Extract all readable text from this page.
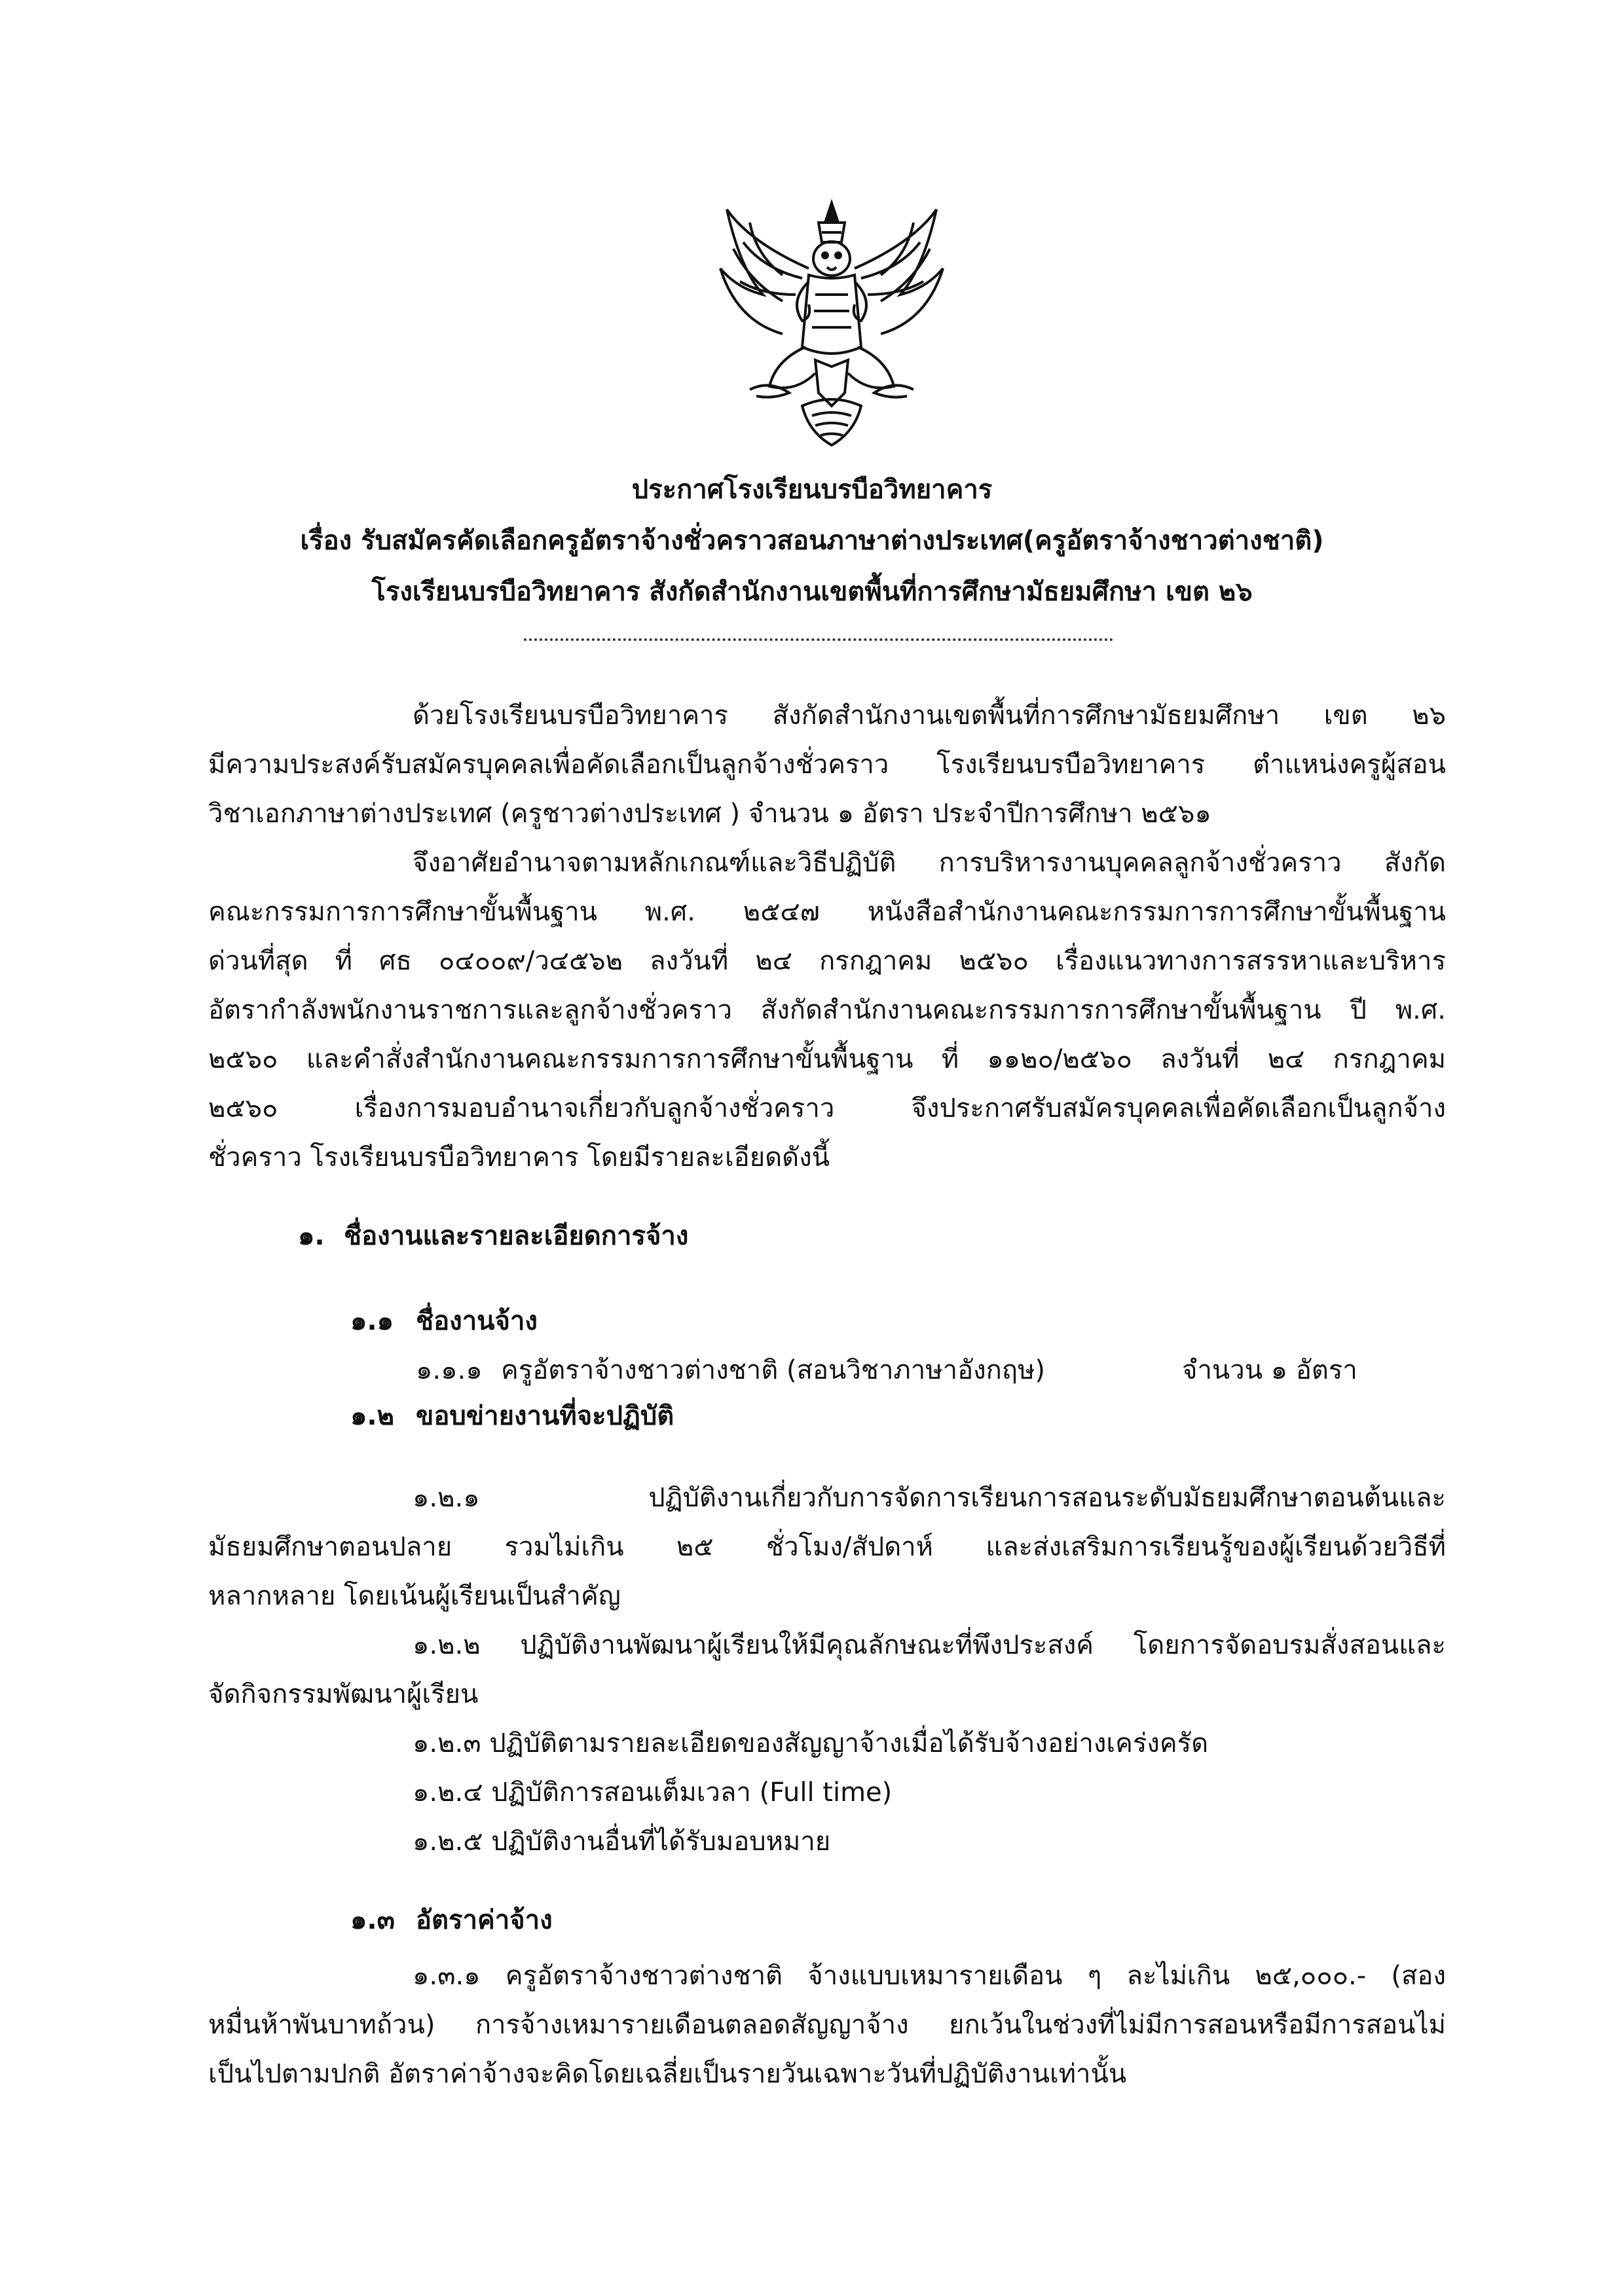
ประกาศโรงเรียนบรบือวิทยาคาร
เรื่อง รับสมัครคัดเลือกครูอัตราจ้างชั่วคราวสอนภาษาต่างประเทศ(ครูอัตราจ้างชาวต่างชาติ)
โรงเรียนบรบือวิทยาคาร สังกัดสำนักงานเขตพื้นที่การศึกษามัธยมศึกษา เขต ๒๖
ด้วยโรงเรียนบรบือวิทยาคาร สังกัดสำนักงานเขตพื้นที่การศึกษามัธยมศึกษา เขต ๒๖
มีความประสงค์รับสมัครบุคคลเพื่อคัดเลือกเป็นลูกจ้างชั่วคราว โรงเรียนบรบือวิทยาคาร ตำแหน่งครูผู้สอน
วิชาเอกภาษาต่างประเทศ (ครูชาวต่างประเทศ ) จำนวน ๑ อัตรา ประจำปีการศึกษา ๒๕๖๑
จึงอาศัยอำนาจตามหลักเกณฑ์และวิธีปฏิบัติ การบริหารงานบุคคลลูกจ้างชั่วคราว สังกัด
คณะกรรมการการศึกษาขั้นพื้นฐาน พ.ศ. ๒๕๔๗ หนังสือสำนักงานคณะกรรมการการศึกษาขั้นพื้นฐาน
ด่วนที่สุด ที่ ศธ ๐๔๐๐๙/ว๔๕๖๒ ลงวันที่ ๒๔ กรกฎาคม ๒๕๖๐ เรื่องแนวทางการสรรหาและบริหาร
อัตรากำลังพนักงานราชการและลูกจ้างชั่วคราว สังกัดสำนักงานคณะกรรมการการศึกษาขั้นพื้นฐาน ปี พ.ศ.
๒๕๖๐ และคำสั่งสำนักงานคณะกรรมการการศึกษาขั้นพื้นฐาน ที่ ๑๑๒๐/๒๕๖๐ ลงวันที่ ๒๔ กรกฎาคม
๒๕๖๐ เรื่องการมอบอำนาจเกี่ยวกับลูกจ้างชั่วคราว จึงประกาศรับสมัครบุคคลเพื่อคัดเลือกเป็นลูกจ้าง
ชั่วคราว โรงเรียนบรบือวิทยาคาร โดยมีรายละเอียดดังนี้
๑. ชื่องานและรายละเอียดการจ้าง
๑.๑ ชื่องานจ้าง
๑.๑.๑ ครูอัตราจ้างชาวต่างชาติ (สอนวิชาภาษาอังกฤษ)	จำนวน ๑ อัตรา
๑.๒ ขอบข่ายงานที่จะปฏิบัติ
๑.๒.๑ ปฏิบัติงานเกี่ยวกับการจัดการเรียนการสอนระดับมัธยมศึกษาตอนต้นและ
มัธยมศึกษาตอนปลาย รวมไม่เกิน ๒๕ ชั่วโมง/สัปดาห์ และส่งเสริมการเรียนรู้ของผู้เรียนด้วยวิธีที่
หลากหลาย โดยเน้นผู้เรียนเป็นสำคัญ
๑.๒.๒ ปฏิบัติงานพัฒนาผู้เรียนให้มีคุณลักษณะที่พึงประสงค์ โดยการจัดอบรมสั่งสอนและ
จัดกิจกรรมพัฒนาผู้เรียน
๑.๒.๓ ปฏิบัติตามรายละเอียดของสัญญาจ้างเมื่อได้รับจ้างอย่างเคร่งครัด
๑.๒.๔ ปฏิบัติการสอนเต็มเวลา (Full time)
๑.๒.๕ ปฏิบัติงานอื่นที่ได้รับมอบหมาย
๑.๓ อัตราค่าจ้าง
๑.๓.๑ ครูอัตราจ้างชาวต่างชาติ จ้างแบบเหมารายเดือน ๆ ละไม่เกิน ๒๕,๐๐๐.- (สอง
หมื่นห้าพันบาทถ้วน) การจ้างเหมารายเดือนตลอดสัญญาจ้าง ยกเว้นในช่วงที่ไม่มีการสอนหรือมีการสอนไม่
เป็นไปตามปกติ อัตราค่าจ้างจะคิดโดยเฉลี่ยเป็นรายวันเฉพาะวันที่ปฏิบัติงานเท่านั้น
